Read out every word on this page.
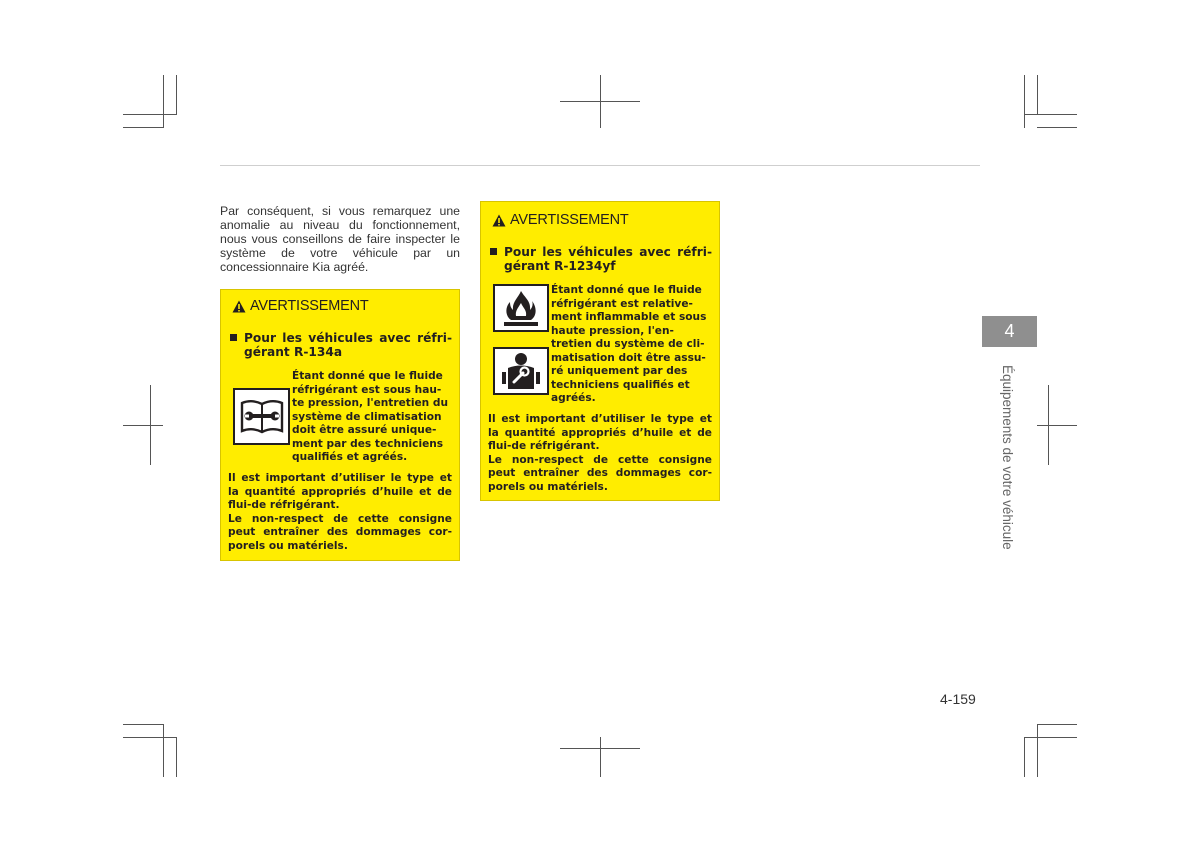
Par conséquent, si vous remarquez une anomalie au niveau du fonctionnement, nous vous conseillons de faire inspecter le système de votre véhicule par un concessionnaire Kia agréé.
AVERTISSEMENT
Pour les véhicules avec réfrigérant R-134a
Étant donné que le fluide réfrigérant est sous hau-te pression, l'entretien du système de climatisation doit être assuré unique-ment par des techniciens qualifiés et agréés.

Il est important d’utiliser le type et la quantité appropriés d’huile et de flui-de réfrigérant.

Le non-respect de cette consigne peut entraîner des dommages cor-porels ou matériels.

AVERTISSEMENT
Pour les véhicules avec réfrigérant R-1234yf
Étant donné que le fluide réfrigérant est relative-ment inflammable et sous haute pression, l'en-tretien du système de cli-matisation doit être assu-ré uniquement par des techniciens qualifiés et agréés.

Il est important d’utiliser le type et la quantité appropriés d’huile et de flui-de réfrigérant.

Le non-respect de cette consigne peut entraîner des dommages cor-porels ou matériels.

4
Équipements de votre véhicule
4-159
